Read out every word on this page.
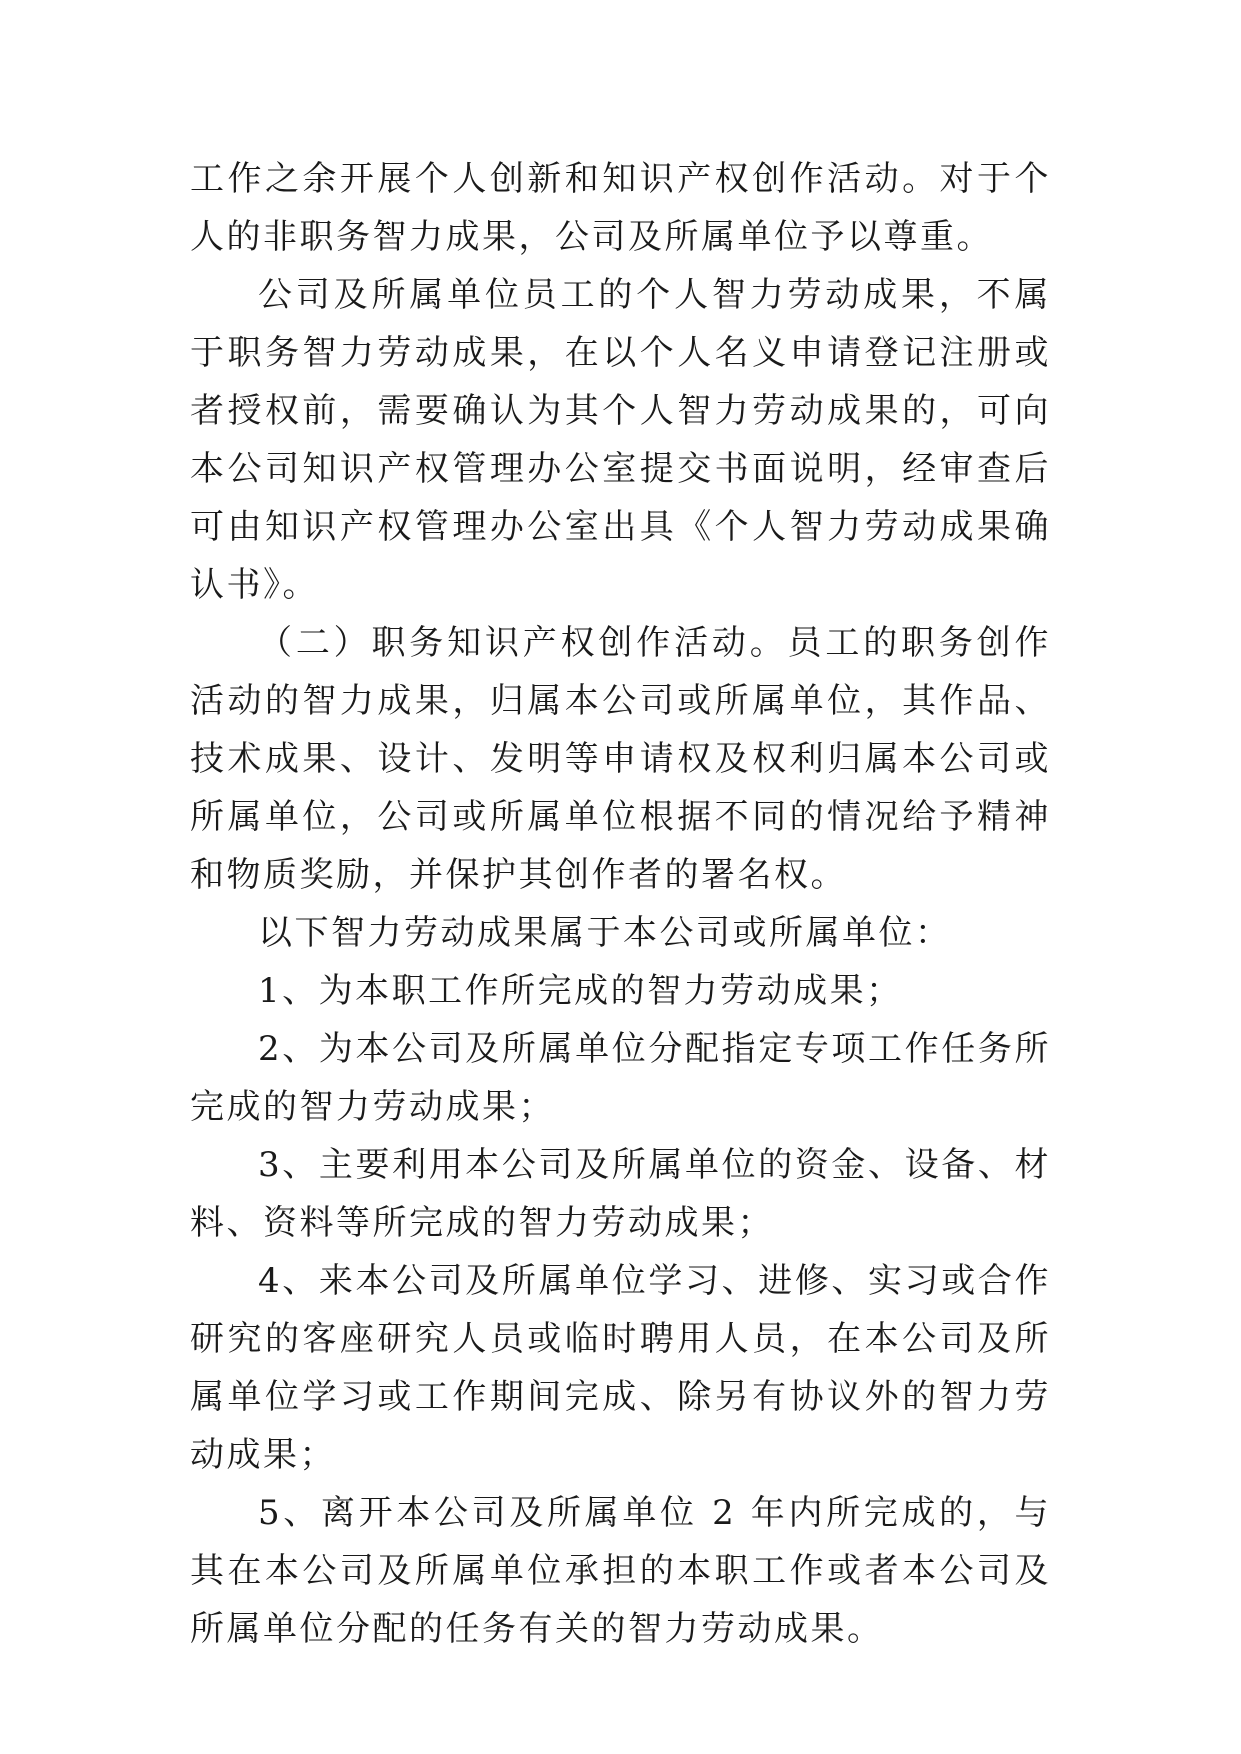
工作之余开展个人创新和知识产权创作活动。对于个人的非职务智力成果，公司及所属单位予以尊重。

公司及所属单位员工的个人智力劳动成果，不属于职务智力劳动成果，在以个人名义申请登记注册或者授权前，需要确认为其个人智力劳动成果的，可向本公司知识产权管理办公室提交书面说明，经审查后可由知识产权管理办公室出具《个人智力劳动成果确认书》。

（二）职务知识产权创作活动。员工的职务创作活动的智力成果，归属本公司或所属单位，其作品、技术成果、设计、发明等申请权及权利归属本公司或所属单位，公司或所属单位根据不同的情况给予精神和物质奖励，并保护其创作者的署名权。

以下智力劳动成果属于本公司或所属单位：

1、为本职工作所完成的智力劳动成果；

2、为本公司及所属单位分配指定专项工作任务所完成的智力劳动成果；

3、主要利用本公司及所属单位的资金、设备、材料、资料等所完成的智力劳动成果；

4、来本公司及所属单位学习、进修、实习或合作研究的客座研究人员或临时聘用人员，在本公司及所属单位学习或工作期间完成、除另有协议外的智力劳动成果；

5、离开本公司及所属单位 2 年内所完成的，与其在本公司及所属单位承担的本职工作或者本公司及所属单位分配的任务有关的智力劳动成果。
